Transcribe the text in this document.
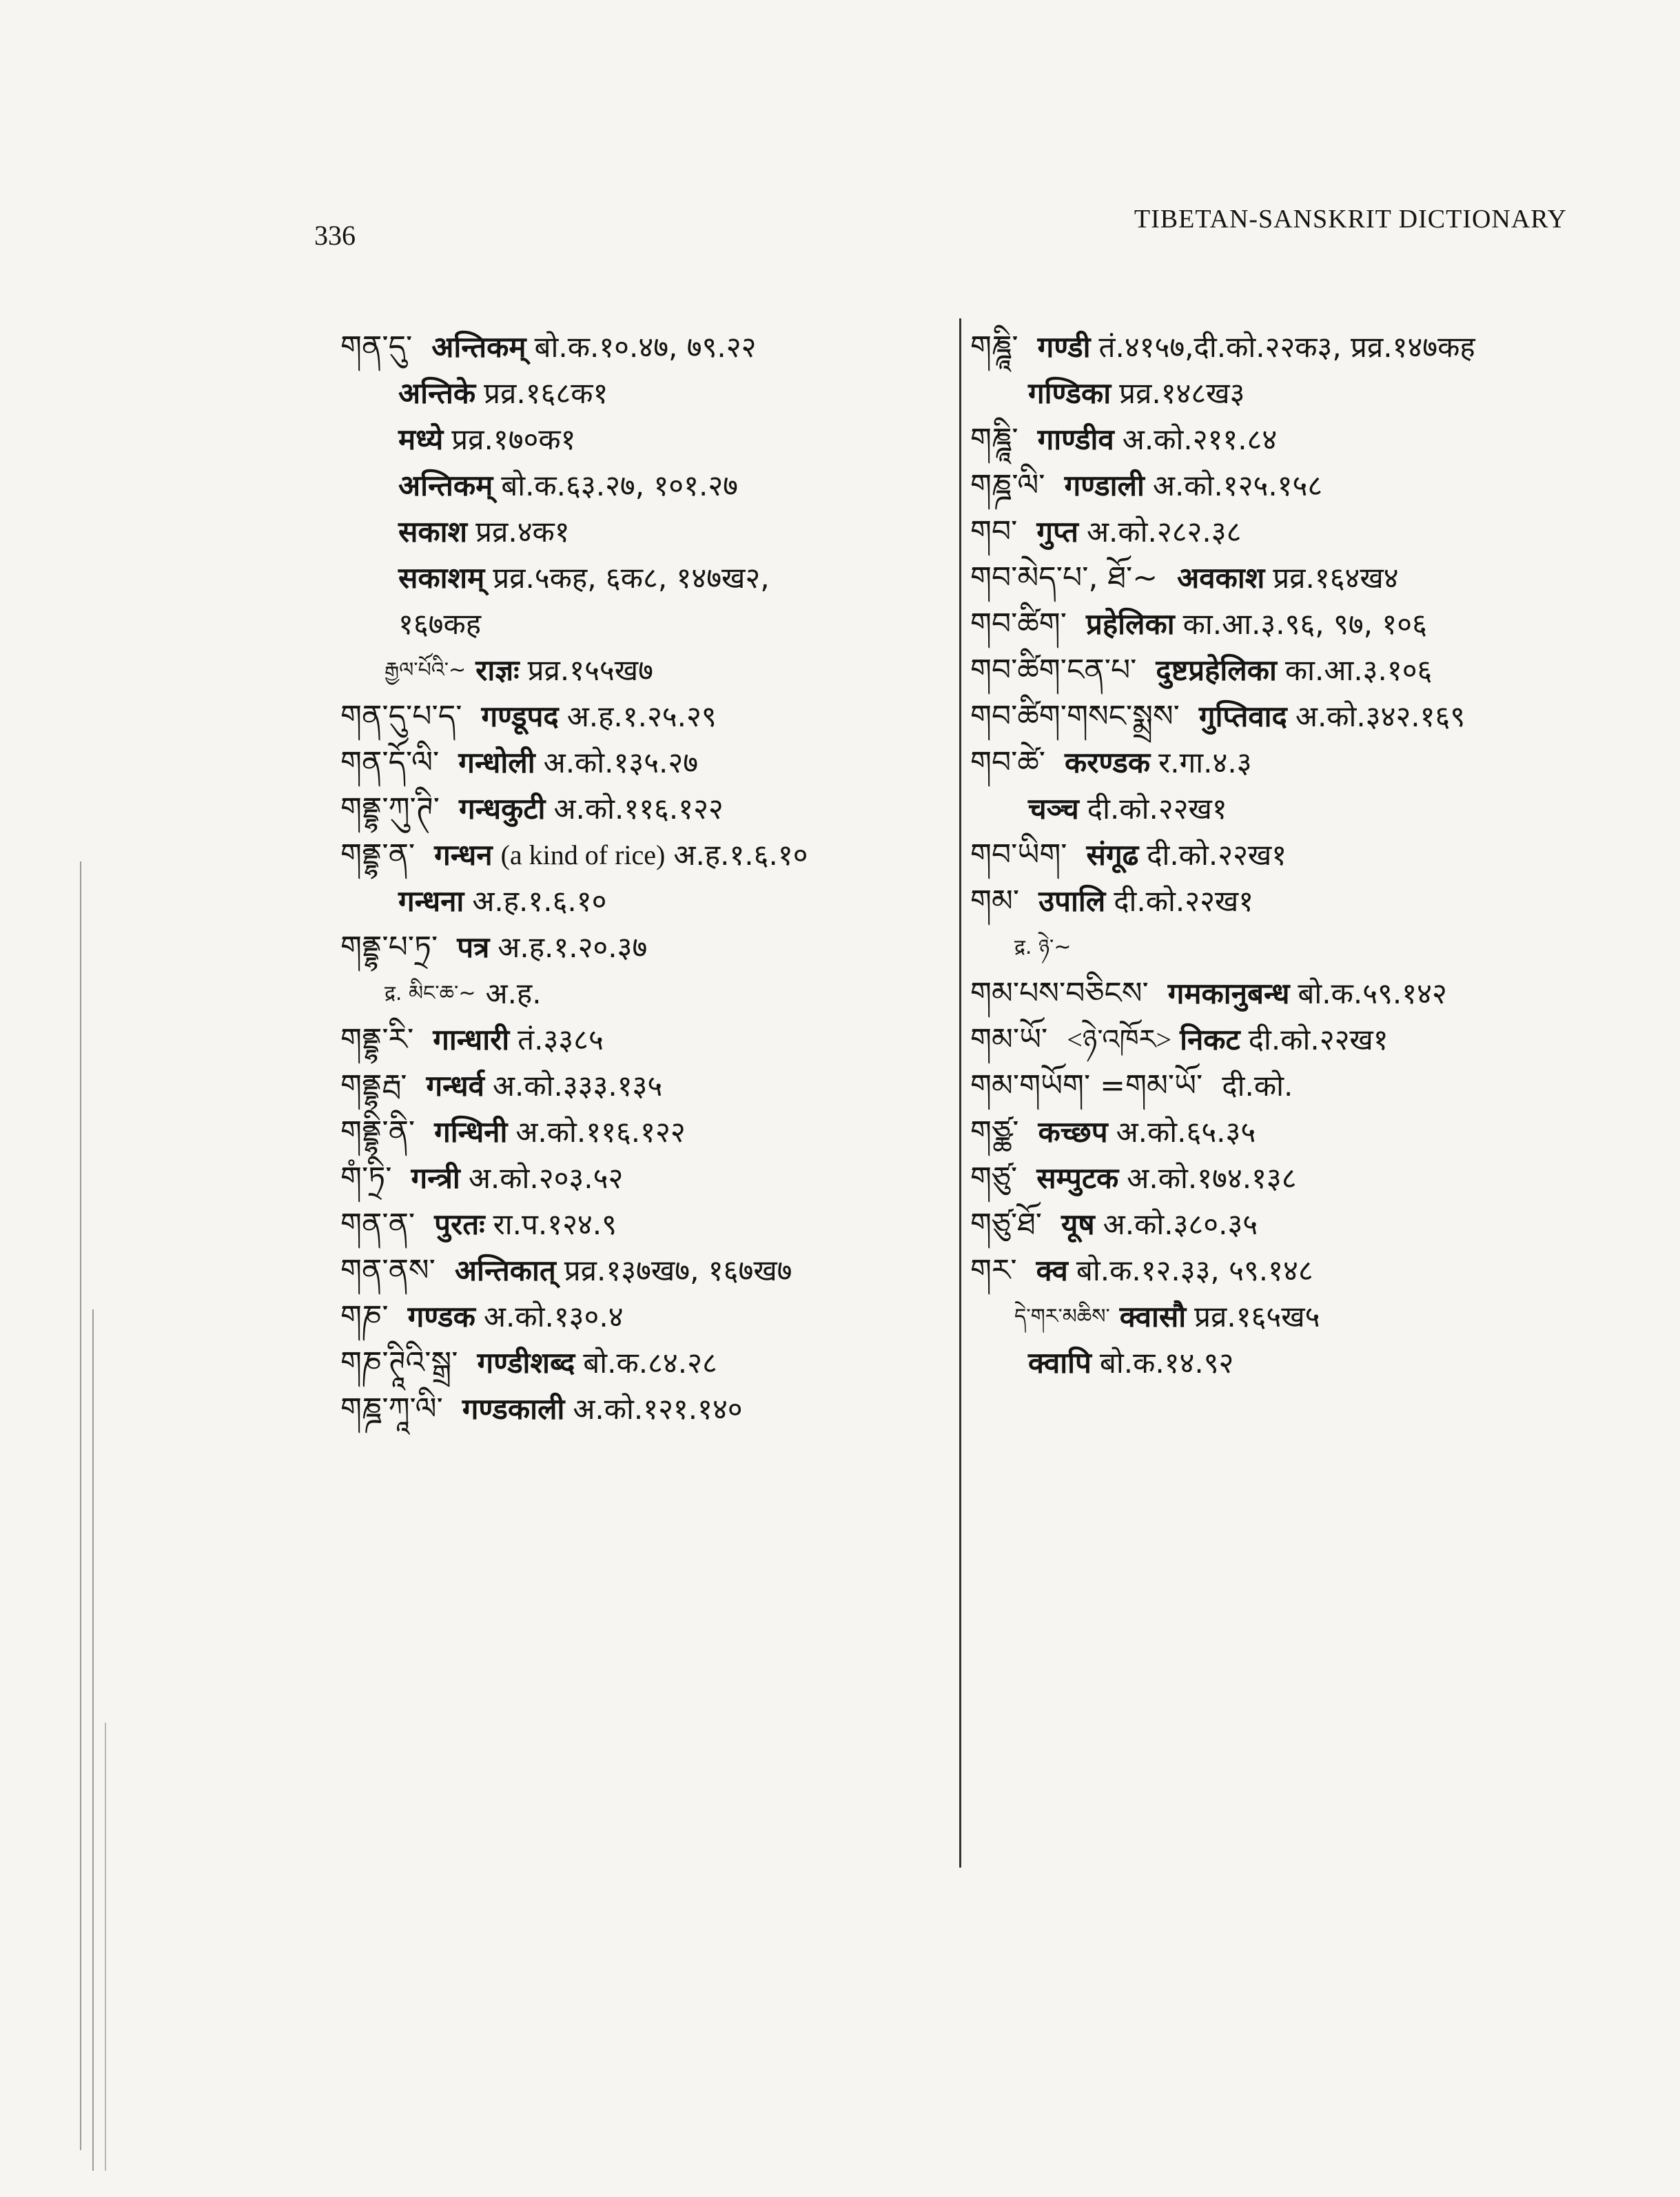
336
TIBETAN-SANSKRIT DICTIONARY
གན་དུ་ अन्तिकम् बो.क.१०.४७, ७९.२२
अन्तिके प्रव्र.१६८क१
मध्ये प्रव्र.१७०क१
अन्तिकम् बो.क.६३.२७, १०१.२७
सकाश प्रव्र.४क१
सकाशम् प्रव्र.५कह, ६क८, १४७ख२,
१६७कह
རྒྱལ་པོའི་~ राज्ञः प्रव्र.१५५ख७
གན་དུ་པ་ད་ गण्डूपद अ.ह.१.२५.२९
གན་དོ་ལི་ गन्धोली अ.को.१३५.२७
གནྡྷ་ཀུ་ཊི་ गन्धकुटी अ.को.११६.१२२
གནྡྷ་ན་ गन्धन (a kind of rice) अ.ह.१.६.१०
गन्धना अ.ह.१.६.१०
གནྡྷ་པ་ཏྲ་ पत्र अ.ह.१.२०.३७
द्र. མིང་ཆ་~ अ.ह.
གནྡྷ་རི་ गान्धारी तं.३३८५
གནྡྷརྦ་ गन्धर्व अ.को.३३३.१३५
གནྡྷི་ནི་ गन्धिनी अ.को.११६.१२२
གཾ་ཏྲི་ गन्त्री अ.को.२०३.५२
གན་ན་ पुरतः रा.प.१२४.९
གན་ནས་ अन्तिकात् प्रव्र.१३७ख७, १६७ख७
གཎ་ गण्डक अ.को.१३०.४
གཎ་ཊཱིའི་སྒྲ་ गण्डीशब्द बो.क.८४.२८
གཎྜ་ཀཱ་ལི་ गण्डकाली अ.को.१२१.१४०
གཎྜཱི་ गण्डी तं.४१५७,दी.को.२२क३, प्रव्र.१४७कह
गण्डिका प्रव्र.१४८ख३
གཎྜཱི་ गाण्डीव अ.को.२११.८४
གཎྜ་ལི་ गण्डाली अ.को.१२५.१५८
གབ་ गुप्त अ.को.२८२.३८
གབ་མེད་པ་, ཐོ་~ अवकाश प्रव्र.१६४ख४
གབ་ཚིག་ प्रहेलिका का.आ.३.९६, ९७, १०६
གབ་ཚིག་ངན་པ་ दुष्टप्रहेलिका का.आ.३.१०६
གབ་ཚིག་གསང་སྨྲས་ गुप्तिवाद अ.को.३४२.१६९
གབ་ཚེ་ करण्डक र.गा.४.३
चञ्च दी.को.२२ख१
གབ་ཡིག་ संगूढ दी.को.२२ख१
གམ་ उपालि दी.को.२२ख१
द्र. ཉེ་~
གམ་པས་བཅིངས་ गमकानुबन्ध बो.क.५९.१४२
གམ་ཡོ་ <ཉེ་འཁོར> निकट दी.को.२२ख१
གམ་གཡོག་ =གམ་ཡོ་ दी.को.
གཙྪ་ कच्छप अ.को.६५.३५
གཙུ་ सम्पुटक अ.को.१७४.१३८
གཙུ་ཐོ་ यूष अ.को.३८०.३५
གར་ क्व बो.क.१२.३३, ५९.१४८
དེ་གར་མཆིས་ क्वासौ प्रव्र.१६५ख५
क्वापि बो.क.१४.९२
